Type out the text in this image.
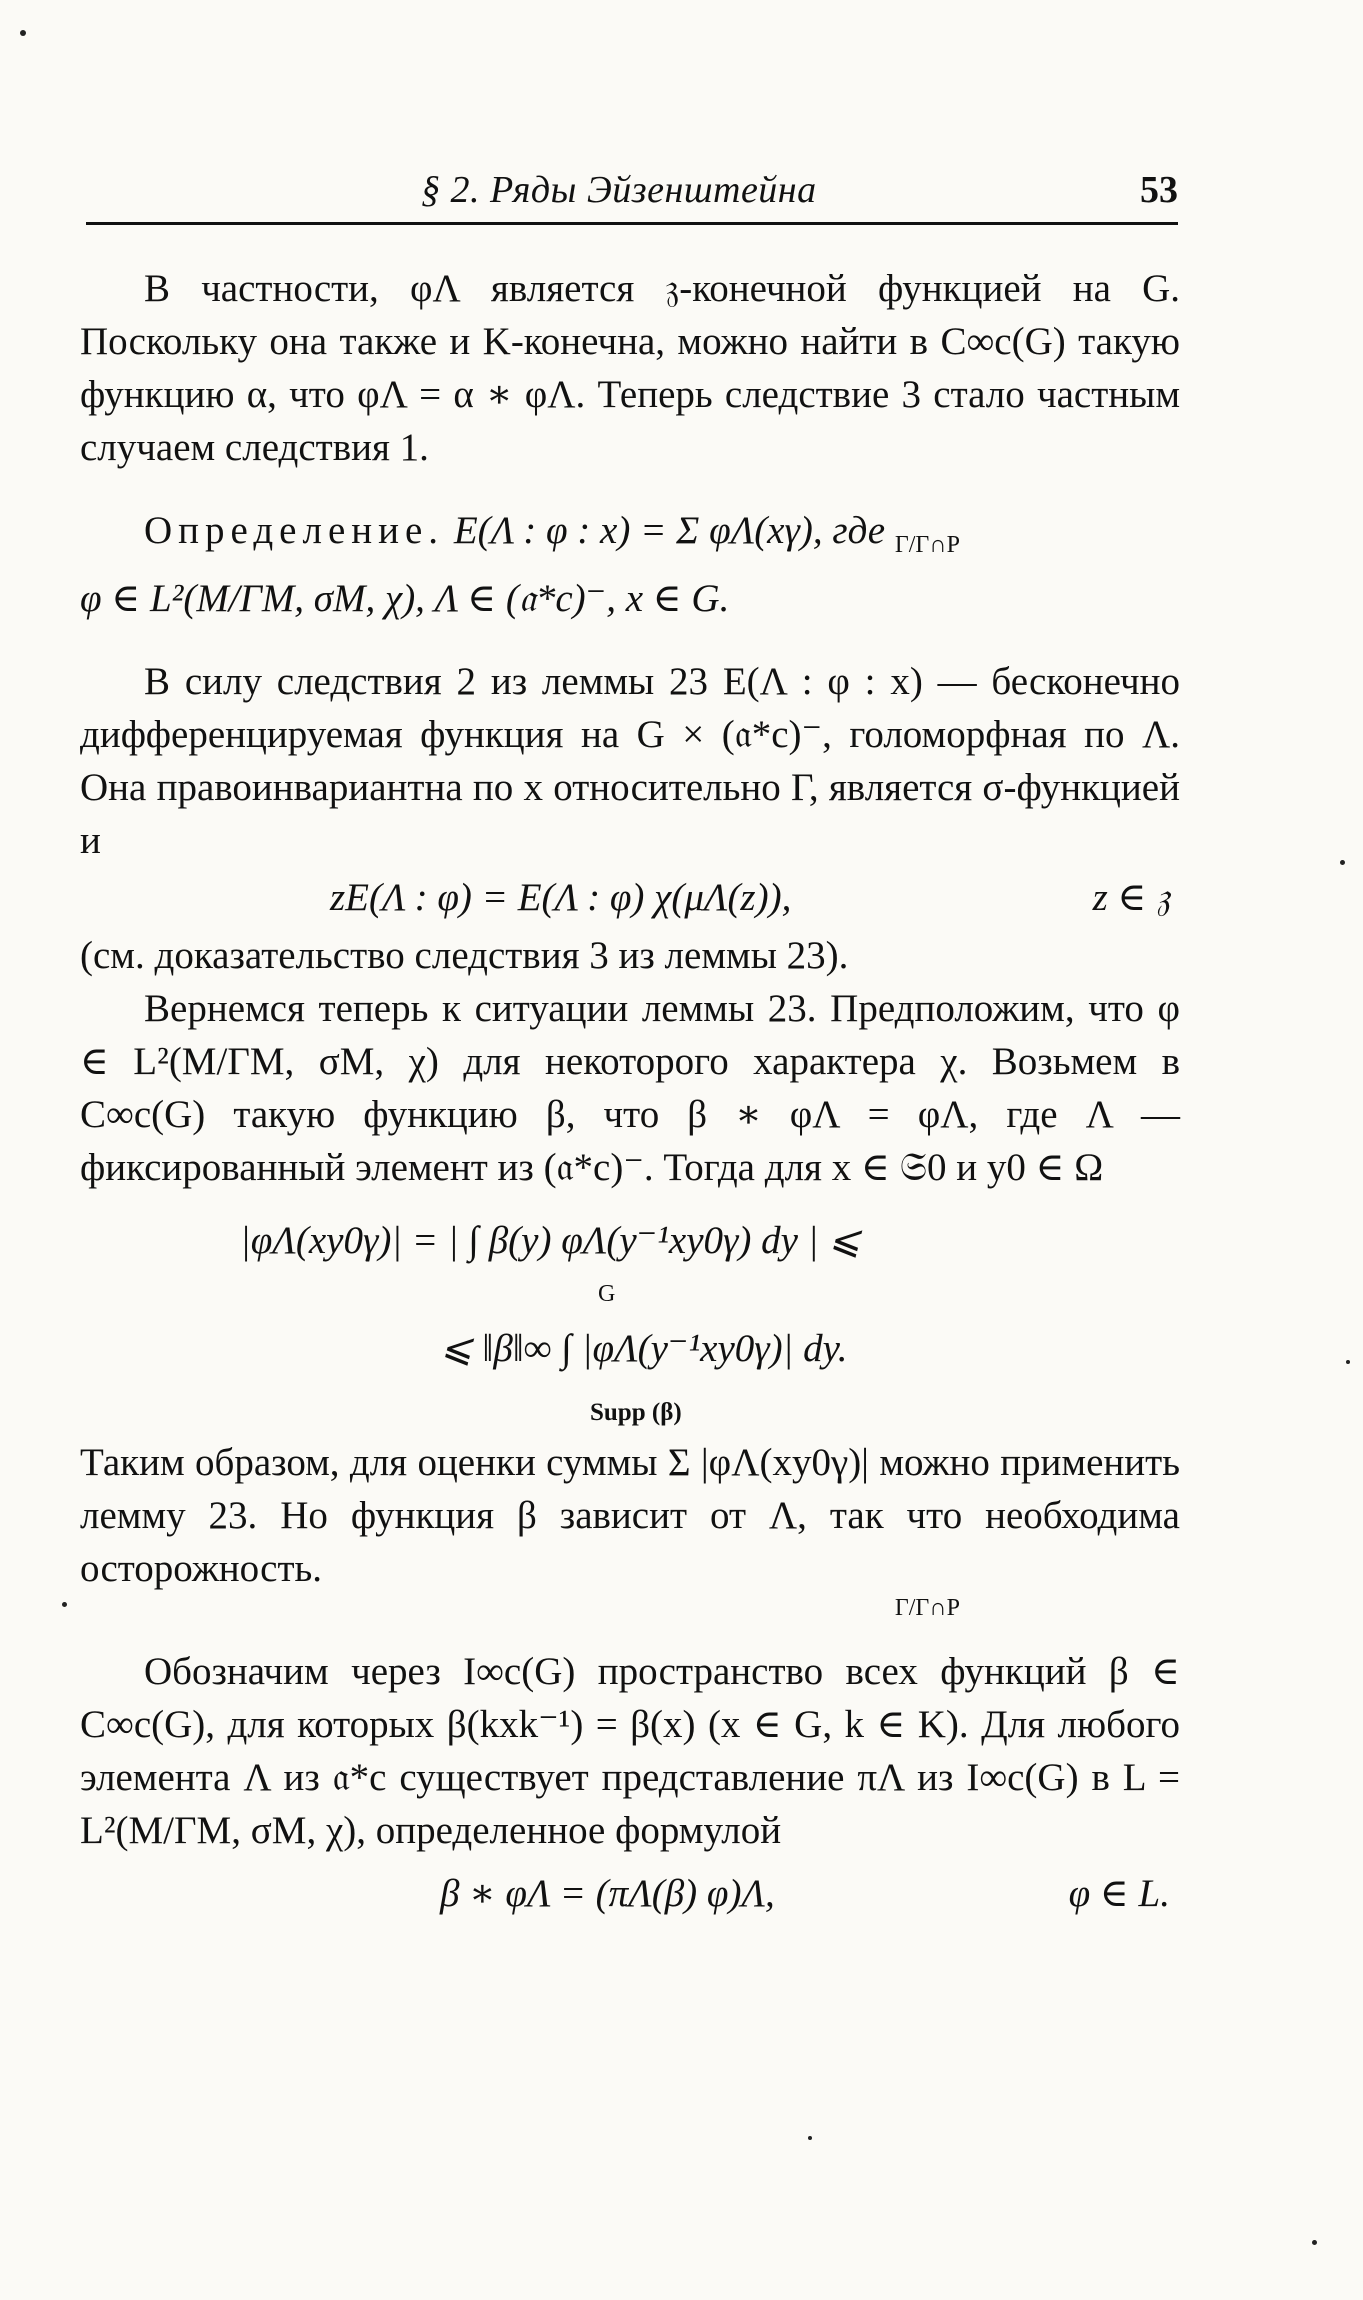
§ 2. Ряды Эйзенштейна	53

В частности, φΛ является 𝔷-конечной функцией на G. Поскольку она также и K-конечна, можно найти в C∞c(G) такую функцию α, что φΛ = α ∗ φΛ. Теперь следствие 3 стало частным случаем следствия 1.

Определение. E(Λ : φ : x) = Σ φΛ(xγ), где $_{\Gamma/\Gamma\cap P}$

φ ∈ L²(M/ΓM, σM, χ), Λ ∈ (𝔞*c)⁻, x ∈ G.

В силу следствия 2 из леммы 23 E(Λ : φ : x) — бесконечно дифференцируемая функция на G × (𝔞*c)⁻, голоморфная по Λ. Она правоинвариантна по x относительно Γ, является σ-функцией и

zE(Λ : φ) = E(Λ : φ) χ(μΛ(z)),	z ∈ 𝔷

(см. доказательство следствия 3 из леммы 23).

Вернемся теперь к ситуации леммы 23. Предположим, что φ ∈ L²(M/ΓM, σM, χ) для некоторого характера χ. Возьмем в C∞c(G) такую функцию β, что β ∗ φΛ = φΛ, где Λ — фиксированный элемент из (𝔞*c)⁻. Тогда для x ∈ 𝔖0 и y0 ∈ Ω

|φΛ(xy0γ)| = | ∫ β(y) φΛ(y⁻¹xy0γ) dy | ⩽
G
⩽ ‖β‖∞ ∫ |φΛ(y⁻¹xy0γ)| dy.
Supp (β)

Таким образом, для оценки суммы Σ |φΛ(xy0γ)| можно применить лемму 23. Но функция β зависит от Λ, так что необходима осторожность.

Γ/Γ∩P

Обозначим через I∞c(G) пространство всех функций β ∈ C∞c(G), для которых β(kxk⁻¹) = β(x) (x ∈ G, k ∈ K). Для любого элемента Λ из 𝔞*c существует представление πΛ из I∞c(G) в L = L²(M/ΓM, σM, χ), определенное формулой

β ∗ φΛ = (πΛ(β) φ)Λ,	φ ∈ L.
